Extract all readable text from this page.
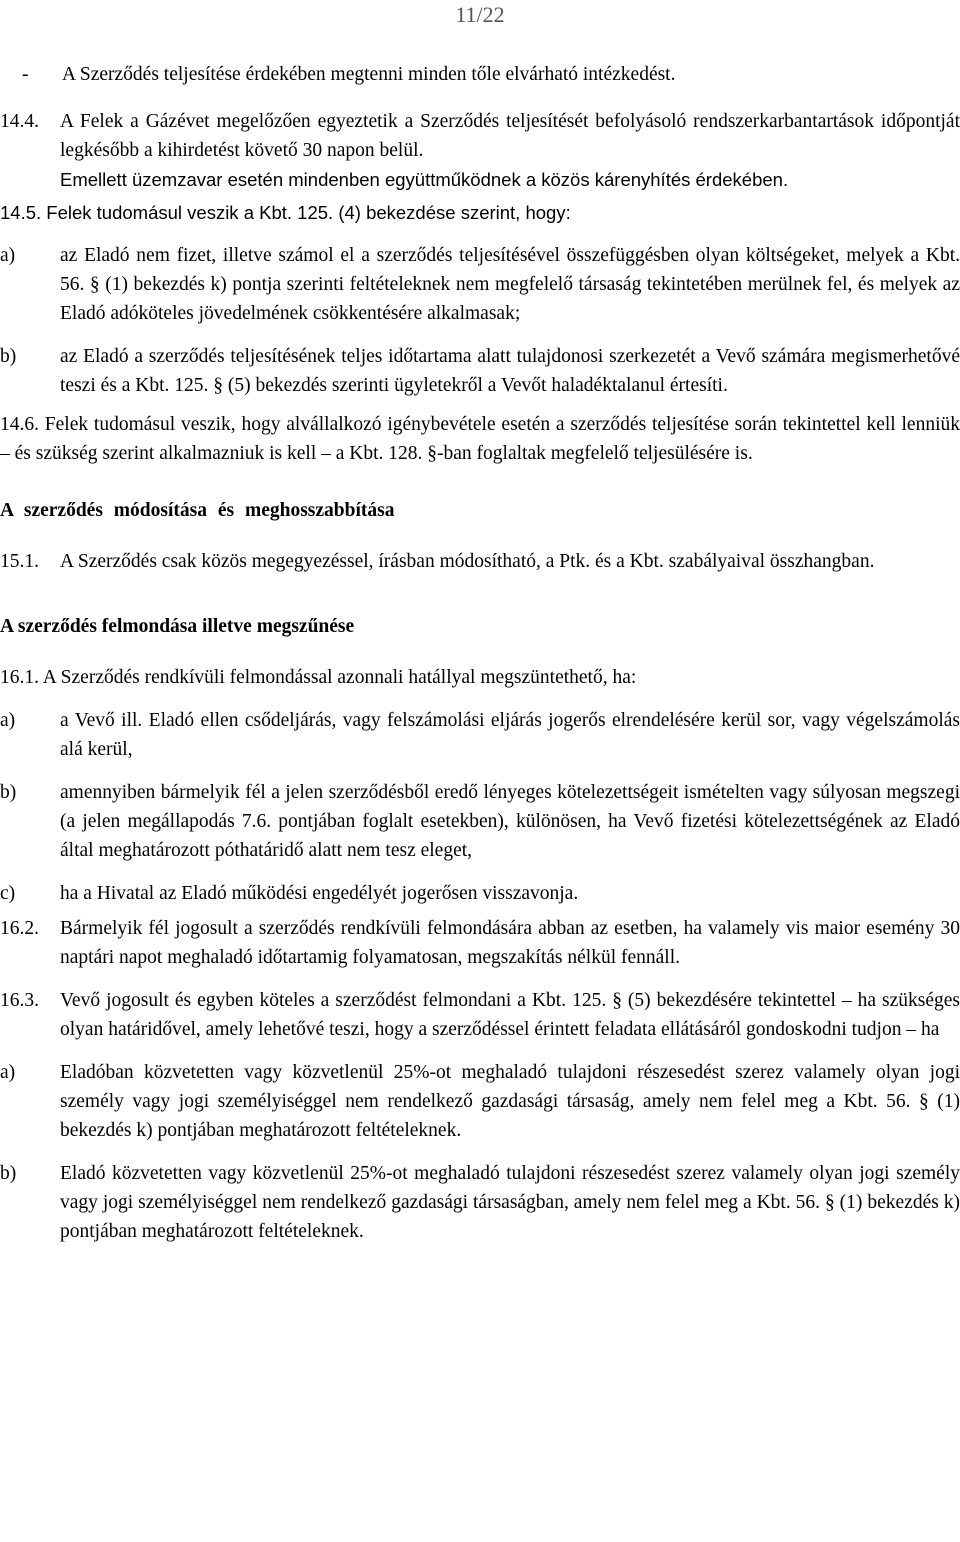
11/22

- A Szerződés teljesítése érdekében megtenni minden tőle elvárható intézkedést.

14.4. A Felek a Gázévet megelőzően egyeztetik a Szerződés teljesítését befolyásoló rendszerkarbantartások időpontját legkésőbb a kihirdetést követő 30 napon belül.

Emellett üzemzavar esetén mindenben együttműködnek a közös kárenyhítés érdekében.

14.5. Felek tudomásul veszik a Kbt. 125. (4) bekezdése szerint, hogy:

a)	az Eladó nem fizet, illetve számol el a szerződés teljesítésével összefüggésben olyan költségeket, melyek a Kbt. 56. § (1) bekezdés k) pontja szerinti feltételeknek nem megfelelő társaság tekintetében merülnek fel, és melyek az Eladó adóköteles jövedelmének csökkentésére alkalmasak;
b)	az Eladó a szerződés teljesítésének teljes időtartama alatt tulajdonosi szerkezetét a Vevő számára megismerhetővé teszi és a Kbt. 125. § (5) bekezdés szerinti ügyletekről a Vevőt haladéktalanul értesíti.

14.6. Felek tudomásul veszik, hogy alvállalkozó igénybevétele esetén a szerződés teljesítése során tekintettel kell lenniük – és szükség szerint alkalmazniuk is kell – a Kbt. 128. §-ban foglaltak megfelelő teljesülésére is.

A szerződés módosítása és meghosszabbítása

15.1. A Szerződés csak közös megegyezéssel, írásban módosítható, a Ptk. és a Kbt. szabályaival összhangban.

A szerződés felmondása illetve megszűnése

16.1. A Szerződés rendkívüli felmondással azonnali hatállyal megszüntethető, ha:

a)	a Vevő ill. Eladó ellen csődeljárás, vagy felszámolási eljárás jogerős elrendelésére kerül sor, vagy végelszámolás alá kerül,
b)	amennyiben bármelyik fél a jelen szerződésből eredő lényeges kötelezettségeit ismételten vagy súlyosan megszegi (a jelen megállapodás 7.6. pontjában foglalt esetekben), különösen, ha Vevő fizetési kötelezettségének az Eladó által meghatározott póthatáridő alatt nem tesz eleget,
c)	ha a Hivatal az Eladó működési engedélyét jogerősen visszavonja.

16.2. Bármelyik fél jogosult a szerződés rendkívüli felmondására abban az esetben, ha valamely vis maior esemény 30 naptári napot meghaladó időtartamig folyamatosan, megszakítás nélkül fennáll.

16.3. Vevő jogosult és egyben köteles a szerződést felmondani a Kbt. 125. § (5) bekezdésére tekintettel – ha szükséges olyan határidővel, amely lehetővé teszi, hogy a szerződéssel érintett feladata ellátásáról gondoskodni tudjon – ha

a)	Eladóban közvetetten vagy közvetlenül 25%-ot meghaladó tulajdoni részesedést szerez valamely olyan jogi személy vagy jogi személyiséggel nem rendelkező gazdasági társaság, amely nem felel meg a Kbt. 56. § (1) bekezdés k) pontjában meghatározott feltételeknek.
b)	Eladó közvetetten vagy közvetlenül 25%-ot meghaladó tulajdoni részesedést szerez valamely olyan jogi személy vagy jogi személyiséggel nem rendelkező gazdasági társaságban, amely nem felel meg a Kbt. 56. § (1) bekezdés k) pontjában meghatározott feltételeknek.
